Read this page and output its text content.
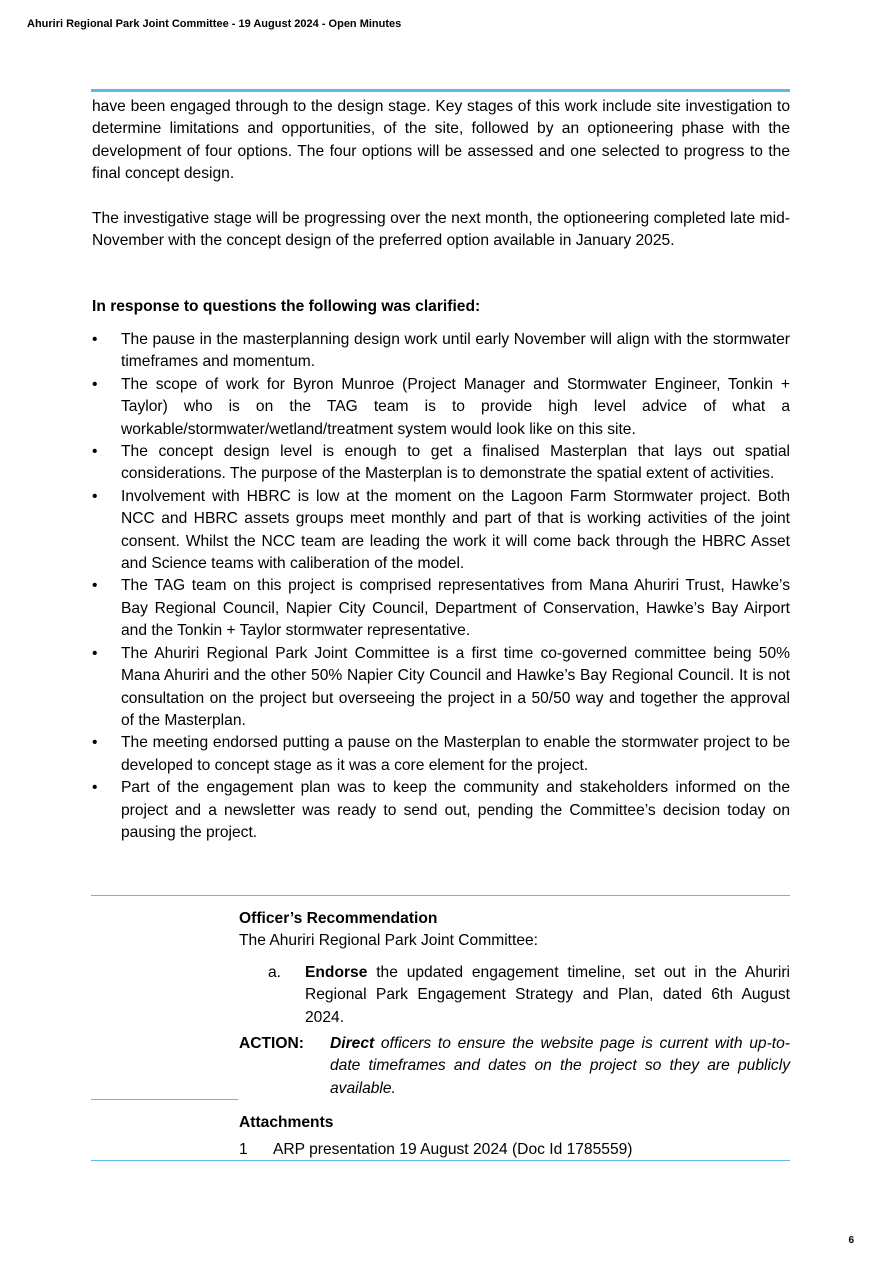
Ahuriri Regional Park Joint Committee - 19 August 2024 - Open Minutes
have been engaged through to the design stage. Key stages of this work include site investigation to determine limitations and opportunities, of the site, followed by an optioneering phase with the development of four options. The four options will be assessed and one selected to progress to the final concept design.
The investigative stage will be progressing over the next month, the optioneering completed late mid-November with the concept design of the preferred option available in January 2025.
In response to questions the following was clarified:
•	The pause in the masterplanning design work until early November will align with the stormwater timeframes and momentum.
•	The scope of work for Byron Munroe (Project Manager and Stormwater Engineer, Tonkin + Taylor) who is on the TAG team is to provide high level advice of what a workable/stormwater/wetland/treatment system would look like on this site.
•	The concept design level is enough to get a finalised Masterplan that lays out spatial considerations. The purpose of the Masterplan is to demonstrate the spatial extent of activities.
•	Involvement with HBRC is low at the moment on the Lagoon Farm Stormwater project. Both NCC and HBRC assets groups meet monthly and part of that is working activities of the joint consent. Whilst the NCC team are leading the work it will come back through the HBRC Asset and Science teams with caliberation of the model.
•	The TAG team on this project is comprised representatives from Mana Ahuriri Trust, Hawke’s Bay Regional Council, Napier City Council, Department of Conservation, Hawke’s Bay Airport and the Tonkin + Taylor stormwater representative.
•	The Ahuriri Regional Park Joint Committee is a first time co-governed committee being 50% Mana Ahuriri and the other 50% Napier City Council and Hawke’s Bay Regional Council. It is not consultation on the project but overseeing the project in a 50/50 way and together the approval of the Masterplan.
•	The meeting endorsed putting a pause on the Masterplan to enable the stormwater project to be developed to concept stage as it was a core element for the project.
•	Part of the engagement plan was to keep the community and stakeholders informed on the project and a newsletter was ready to send out, pending the Committee’s decision today on pausing the project.
Officer’s Recommendation
The Ahuriri Regional Park Joint Committee:
a. Endorse the updated engagement timeline, set out in the Ahuriri Regional Park Engagement Strategy and Plan, dated 6th August 2024.
ACTION: Direct officers to ensure the website page is current with up-to-date timeframes and dates on the project so they are publicly available.
Attachments
1 ARP presentation 19 August 2024 (Doc Id 1785559)
6
